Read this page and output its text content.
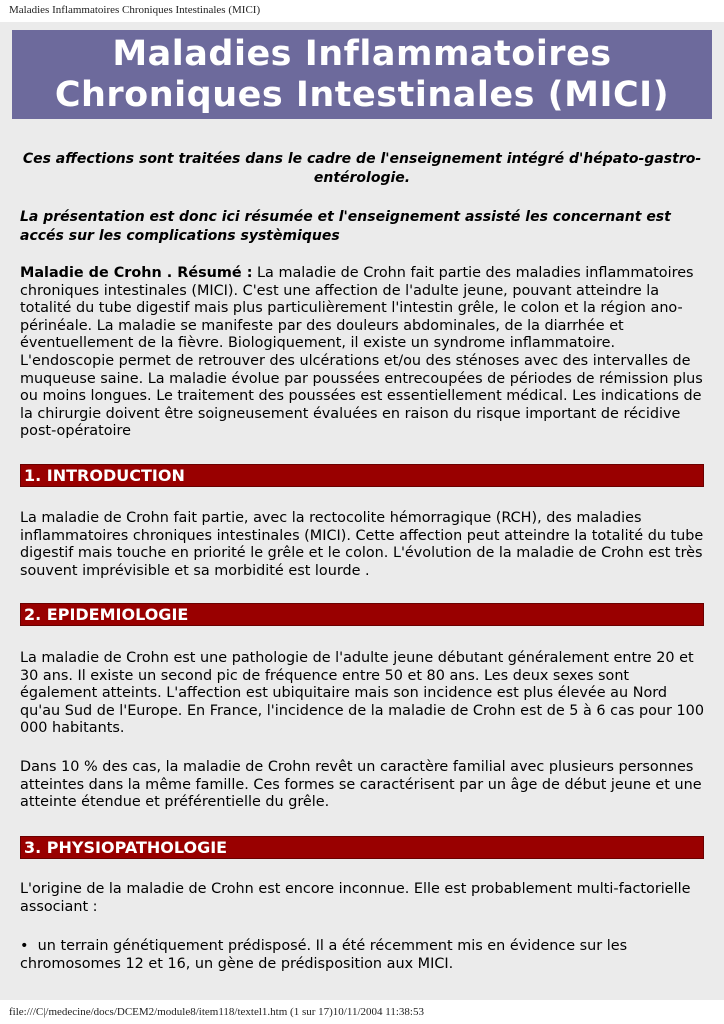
Maladies Inflammatoires Chroniques Intestinales (MICI)
Maladies Inflammatoires
Chroniques Intestinales (MICI)

Ces affections sont traitées dans le cadre de l'enseignement intégré d'hépato-gastro-entérologie.

La présentation est donc ici résumée et l'enseignement assisté les concernant est accés sur les complications systèmiques

Maladie de Crohn . Résumé : La maladie de Crohn fait partie des maladies inflammatoires chroniques intestinales (MICI). C'est une affection de l'adulte jeune, pouvant atteindre la totalité du tube digestif mais plus particulièrement l'intestin grêle, le colon et la région ano-périnéale. La maladie se manifeste par des douleurs abdominales, de la diarrhée et éventuellement de la fièvre. Biologiquement, il existe un syndrome inflammatoire. L'endoscopie permet de retrouver des ulcérations et/ou des sténoses avec des intervalles de muqueuse saine. La maladie évolue par poussées entrecoupées de périodes de rémission plus ou moins longues. Le traitement des poussées est essentiellement médical. Les indications de la chirurgie doivent être soigneusement évaluées en raison du risque important de récidive post-opératoire

1. INTRODUCTION

La maladie de Crohn fait partie, avec la rectocolite hémorragique (RCH), des maladies inflammatoires chroniques intestinales (MICI). Cette affection peut atteindre la totalité du tube digestif mais touche en priorité le grêle et le colon. L'évolution de la maladie de Crohn est très souvent imprévisible et sa morbidité est lourde .

2. EPIDEMIOLOGIE

La maladie de Crohn est une pathologie de l'adulte jeune débutant généralement entre 20 et 30 ans. Il existe un second pic de fréquence entre 50 et 80 ans. Les deux sexes sont également atteints. L'affection est ubiquitaire mais son incidence est plus élevée au Nord qu'au Sud de l'Europe. En France, l'incidence de la maladie de Crohn est de 5 à 6 cas pour 100 000 habitants.

Dans 10 % des cas, la maladie de Crohn revêt un caractère familial avec plusieurs personnes atteintes dans la même famille. Ces formes se caractérisent par un âge de début jeune et une atteinte étendue et préférentielle du grêle.

3. PHYSIOPATHOLOGIE

L'origine de la maladie de Crohn est encore inconnue. Elle est probablement multi-factorielle associant :

•  un terrain génétiquement prédisposé. Il a été récemment mis en évidence sur les chromosomes 12 et 16, un gène de prédisposition aux MICI.

file:///C|/medecine/docs/DCEM2/module8/item118/textel1.htm (1 sur 17)10/11/2004 11:38:53
